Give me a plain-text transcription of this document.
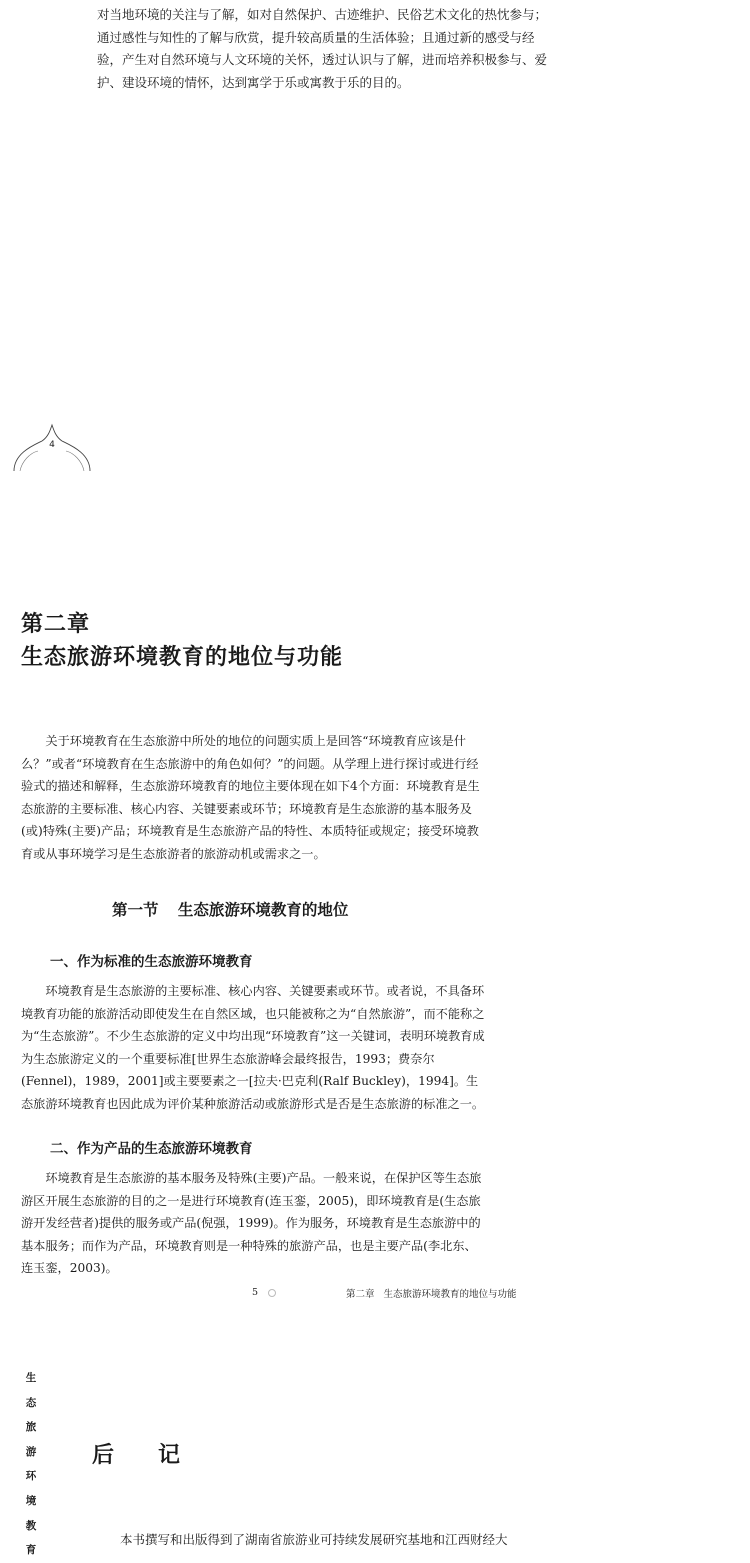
对当地环境的关注与了解，如对自然保护、古迹维护、民俗艺术文化的热忱参与；通过感性与知性的了解与欣赏，提升较高质量的生活体验；且通过新的感受与经验，产生对自然环境与人文环境的关怀，透过认识与了解，进而培养积极参与、爱护、建设环境的情怀，达到寓学于乐或寓教于乐的目的。

4
第二章
生态旅游环境教育的地位与功能

关于环境教育在生态旅游中所处的地位的问题实质上是回答“环境教育应该是什么？”或者“环境教育在生态旅游中的角色如何？”的问题。从学理上进行探讨或进行经验式的描述和解释，生态旅游环境教育的地位主要体现在如下4个方面：环境教育是生态旅游的主要标准、核心内容、关键要素或环节；环境教育是生态旅游的基本服务及(或)特殊(主要)产品；环境教育是生态旅游产品的特性、本质特征或规定；接受环境教育或从事环境学习是生态旅游者的旅游动机或需求之一。

第一节 生态旅游环境教育的地位
一、作为标准的生态旅游环境教育

环境教育是生态旅游的主要标准、核心内容、关键要素或环节。或者说，不具备环境教育功能的旅游活动即使发生在自然区域，也只能被称之为“自然旅游”，而不能称之为“生态旅游”。不少生态旅游的定义中均出现“环境教育”这一关键词，表明环境教育成为生态旅游定义的一个重要标准[世界生态旅游峰会最终报告，1993；费奈尔(Fennel)，1989，2001]或主要要素之一[拉夫·巴克利(Ralf Buckley)，1994]。生态旅游环境教育也因此成为评价某种旅游活动或旅游形式是否是生态旅游的标准之一。

二、作为产品的生态旅游环境教育

环境教育是生态旅游的基本服务及特殊(主要)产品。一般来说，在保护区等生态旅游区开展生态旅游的目的之一是进行环境教育(连玉銮，2005)，即环境教育是(生态旅游开发经营者)提供的服务或产品(倪强，1999)。作为服务，环境教育是生态旅游中的基本服务；而作为产品，环境教育则是一种特殊的旅游产品，也是主要产品(李北东、连玉銮，2003)。

5	第二章 生态旅游环境教育的地位与功能
生
态
旅
游
环
境
教
育
后记
本书撰写和出版得到了湖南省旅游业可持续发展研究基地和江西财经大
